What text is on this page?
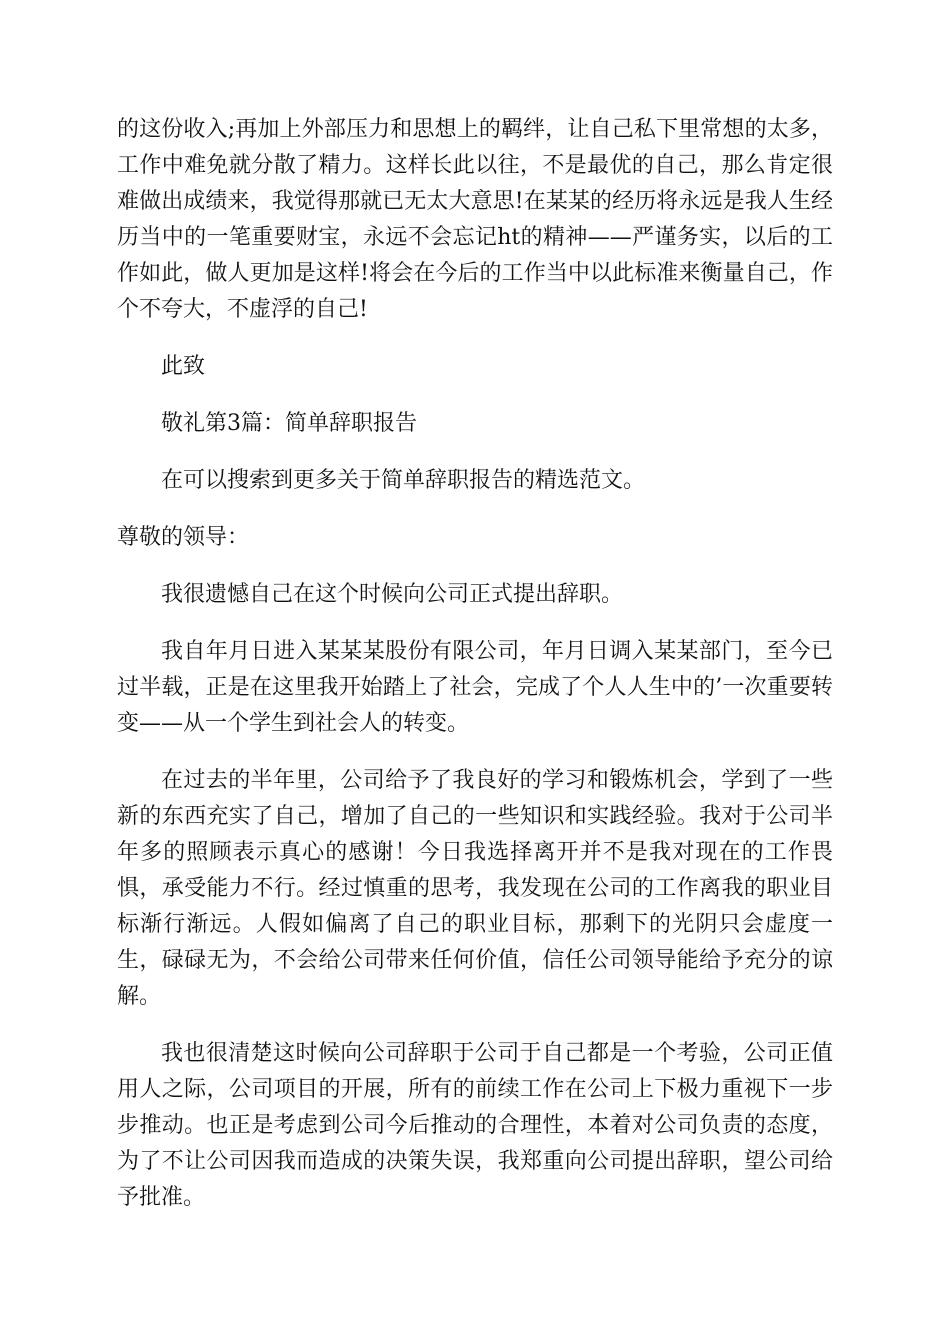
的这份收入;再加上外部压力和思想上的羁绊，让自己私下里常想的太多，工作中难免就分散了精力。这样长此以往，不是最优的自己，那么肯定很难做出成绩来，我觉得那就已无太大意思!在某某的经历将永远是我人生经历当中的一笔重要财宝，永远不会忘记ht的精神——严谨务实，以后的工作如此，做人更加是这样!将会在今后的工作当中以此标准来衡量自己，作个不夸大，不虚浮的自己!

此致

敬礼第3篇：简单辞职报告

在可以搜索到更多关于简单辞职报告的精选范文。

尊敬的领导：

我很遗憾自己在这个时候向公司正式提出辞职。

我自年月日进入某某某股份有限公司，年月日调入某某部门，至今已过半载，正是在这里我开始踏上了社会，完成了个人人生中的’一次重要转变——从一个学生到社会人的转变。

在过去的半年里，公司给予了我良好的学习和锻炼机会，学到了一些新的东西充实了自己，增加了自己的一些知识和实践经验。我对于公司半年多的照顾表示真心的感谢！今日我选择离开并不是我对现在的工作畏惧，承受能力不行。经过慎重的思考，我发现在公司的工作离我的职业目标渐行渐远。人假如偏离了自己的职业目标，那剩下的光阴只会虚度一生，碌碌无为，不会给公司带来任何价值，信任公司领导能给予充分的谅解。

我也很清楚这时候向公司辞职于公司于自己都是一个考验，公司正值用人之际，公司项目的开展，所有的前续工作在公司上下极力重视下一步步推动。也正是考虑到公司今后推动的合理性，本着对公司负责的态度，为了不让公司因我而造成的决策失误，我郑重向公司提出辞职，望公司给予批准。
